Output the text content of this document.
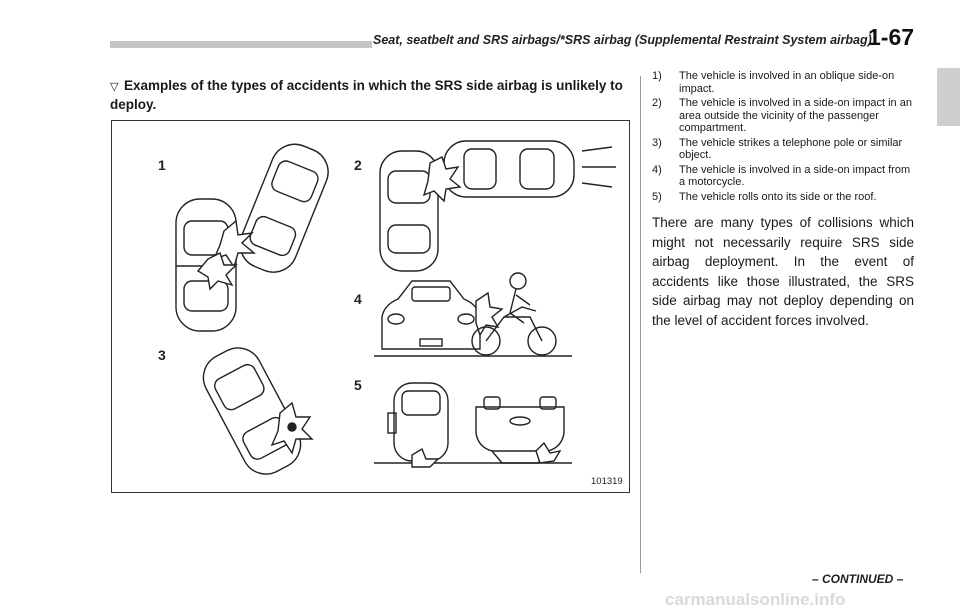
Seat, seatbelt and SRS airbags/*SRS airbag (Supplemental Restraint System airbag)
1-67
▽ Examples of the types of accidents in which the SRS side airbag is unlikely to deploy.
1	2
3
4
5
101319
1) The vehicle is involved in an oblique side-on impact.
2) The vehicle is involved in a side-on impact in an area outside the vicinity of the passenger compartment.
3) The vehicle strikes a telephone pole or similar object.
4) The vehicle is involved in a side-on impact from a motorcycle.
5) The vehicle rolls onto its side or the roof.

There are many types of collisions which might not necessarily require SRS side airbag deployment. In the event of accidents like those illustrated, the SRS side airbag may not deploy depending on the level of accident forces involved.

– CONTINUED –
carmanualsonline.info
